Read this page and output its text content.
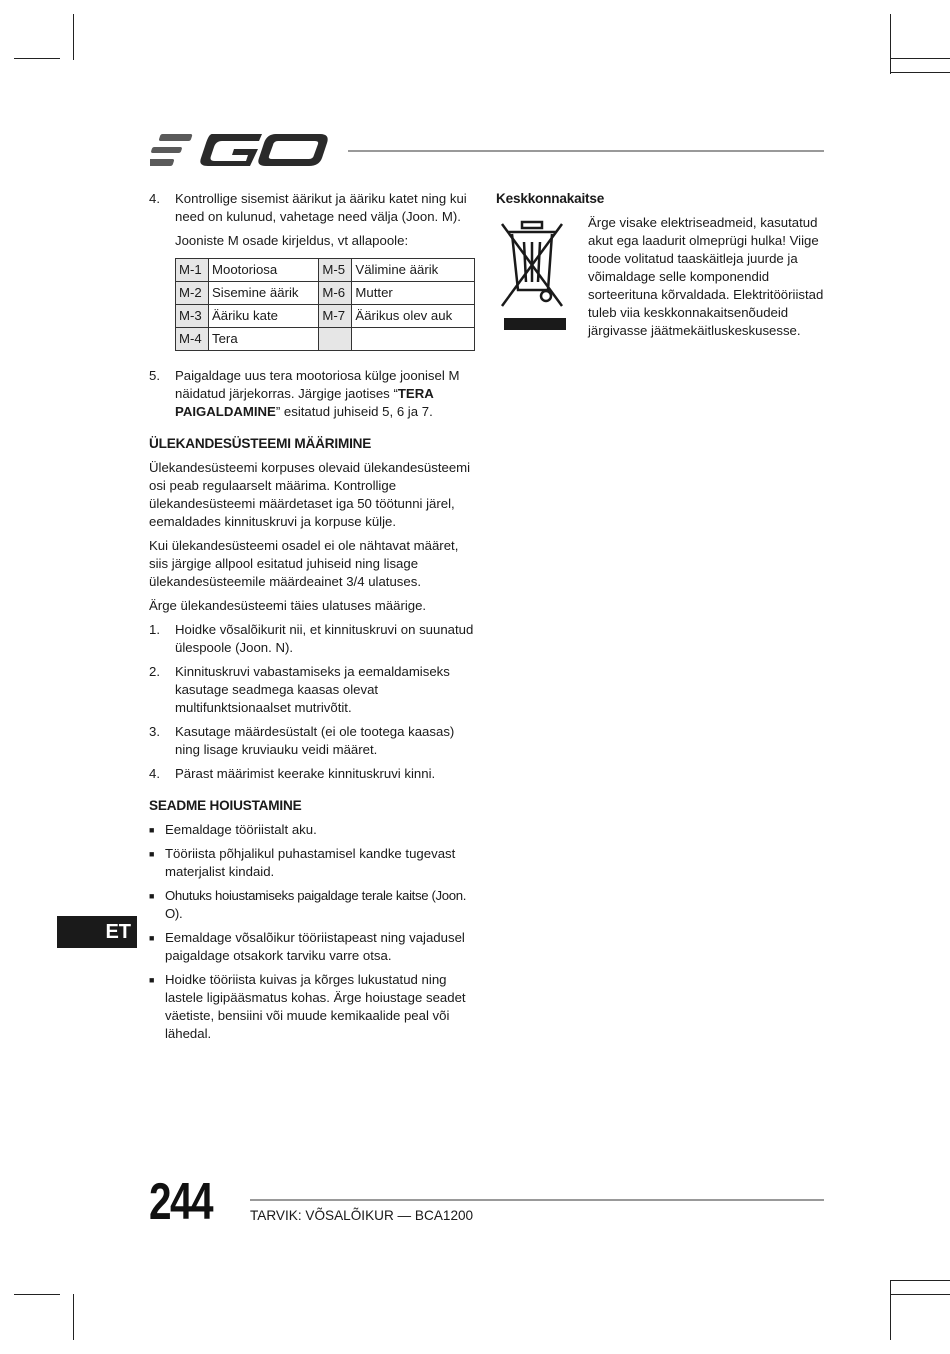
EGO
4.	Kontrollige sisemist äärikut ja ääriku katet ning kui need on kulunud, vahetage need välja (Joon. M).
Jooniste M osade kirjeldus, vt allapoole:
M-1	Mootoriosa	M-5	Välimine äärik
M-2	Sisemine äärik	M-6	Mutter
M-3	Ääriku kate	M-7	Äärikus olev auk
M-4	Tera		
5.	Paigaldage uus tera mootoriosa külge joonisel M näidatud järjekorras. Järgige jaotises “TERA PAIGALDAMINE” esitatud juhiseid 5, 6 ja 7.
ÜLEKANDESÜSTEEMI MÄÄRIMINE

Ülekandesüsteemi korpuses olevaid ülekandesüsteemi osi peab regulaarselt määrima. Kontrollige ülekandesüsteemi määrdetaset iga 50 töötunni järel, eemaldades kinnituskruvi ja korpuse külje.

Kui ülekandesüsteemi osadel ei ole nähtavat määret, siis järgige allpool esitatud juhiseid ning lisage ülekandesüsteemile määrdeainet 3/4 ulatuses.

Ärge ülekandesüsteemi täies ulatuses määrige.

1.	Hoidke võsalõikurit nii, et kinnituskruvi on suunatud ülespoole (Joon. N).
2.	Kinnituskruvi vabastamiseks ja eemaldamiseks kasutage seadmega kaasas olevat multifunktsionaalset mutrivõtit.
3.	Kasutage määrdesüstalt (ei ole tootega kaasas) ning lisage kruviauku veidi määret.
4.	Pärast määrimist keerake kinnituskruvi kinni.
SEADME HOIUSTAMINE
■ Eemaldage tööriistalt aku.
■ Tööriista põhjalikul puhastamisel kandke tugevast materjalist kindaid.
■ Ohutuks hoiustamiseks paigaldage terale kaitse (Joon. O).
■ Eemaldage võsalõikur tööriistapeast ning vajadusel paigaldage otsakork tarviku varre otsa.
■ Hoidke tööriista kuivas ja kõrges lukustatud ning lastele ligipääsmatus kohas. Ärge hoiustage seadet väetiste, bensiini või muude kemikaalide peal või lähedal.
Keskkonnakaitse
Ärge visake elektriseadmeid, kasutatud akut ega laadurit olmeprügi hulka! Viige toode volitatud taaskäitleja juurde ja võimaldage selle komponendid sorteerituna kõrvaldada. Elektritööriistad tuleb viia keskkonnakaitsenõudeid järgivasse jäätmekäitluskeskusesse.
ET
244	TARVIK: VÕSALÕIKUR — BCA1200
